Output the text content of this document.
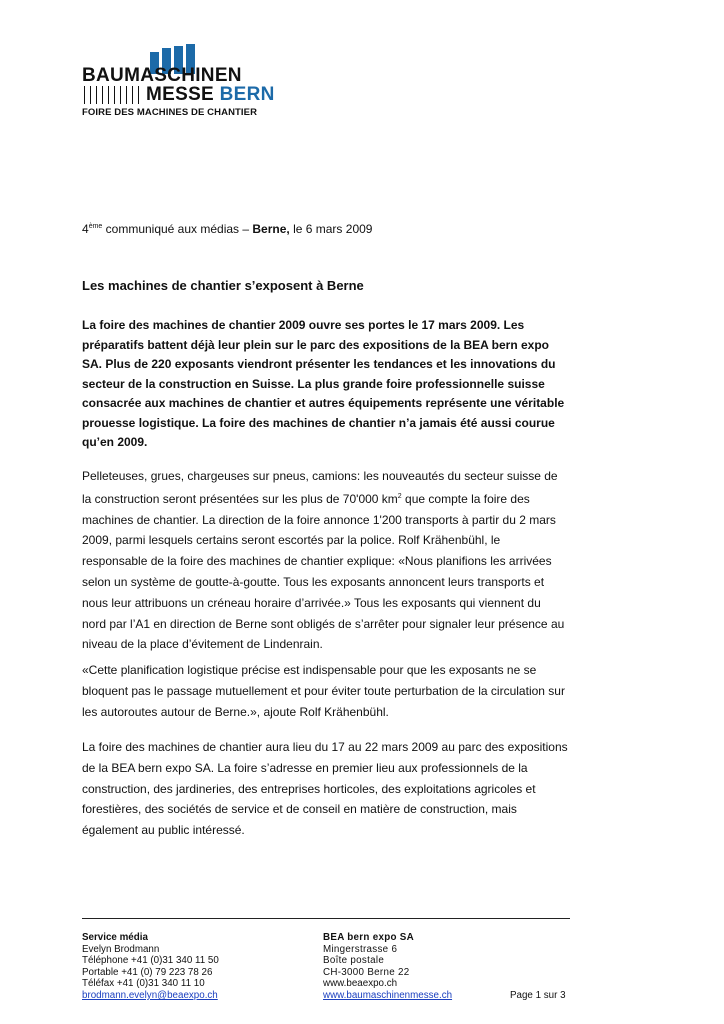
BAUMASCHINEN
MESSE BERN
FOIRE DES MACHINES DE CHANTIER
4ème communiqué aux médias – Berne, le 6 mars 2009
Les machines de chantier s’exposent à Berne
La foire des machines de chantier 2009 ouvre ses portes le 17 mars 2009. Les préparatifs battent déjà leur plein sur le parc des expositions de la BEA bern expo SA. Plus de 220 exposants viendront présenter les tendances et les innovations du secteur de la construction en Suisse. La plus grande foire professionnelle suisse consacrée aux machines de chantier et autres équipements représente une véritable prouesse logistique. La foire des machines de chantier n’a jamais été aussi courue qu’en 2009.

Pelleteuses, grues, chargeuses sur pneus, camions: les nouveautés du secteur suisse de la construction seront présentées sur les plus de 70'000 $km^2$ que compte la foire des machines de chantier. La direction de la foire annonce 1'200 transports à partir du 2 mars 2009, parmi lesquels certains seront escortés par la police. Rolf Krähenbühl, le responsable de la foire des machines de chantier explique: «Nous planifions les arrivées selon un système de goutte-à-goutte. Tous les exposants annoncent leurs transports et nous leur attribuons un créneau horaire d’arrivée.» Tous les exposants qui viennent du nord par l’A1 en direction de Berne sont obligés de s’arrêter pour signaler leur présence au niveau de la place d’évitement de Lindenrain.

«Cette planification logistique précise est indispensable pour que les exposants ne se bloquent pas le passage mutuellement et pour éviter toute perturbation de la circulation sur les autoroutes autour de Berne.», ajoute Rolf Krähenbühl.

La foire des machines de chantier aura lieu du 17 au 22 mars 2009 au parc des expositions de la BEA bern expo SA. La foire s’adresse en premier lieu aux professionnels de la construction, des jardineries, des entreprises horticoles, des exploitations agricoles et forestières, des sociétés de service et de conseil en matière de construction, mais également au public intéressé.

Service média
Evelyn Brodmann
Téléphone +41 (0)31 340 11 50
Portable +41 (0) 79 223 78 26
Téléfax +41 (0)31 340 11 10
brodmann.evelyn@beaexpo.ch
BEA bern expo SA
Mingerstrasse 6
Boîte postale
CH-3000 Berne 22
www.beaexpo.ch
www.baumaschinenmesse.ch	Page 1 sur 3
